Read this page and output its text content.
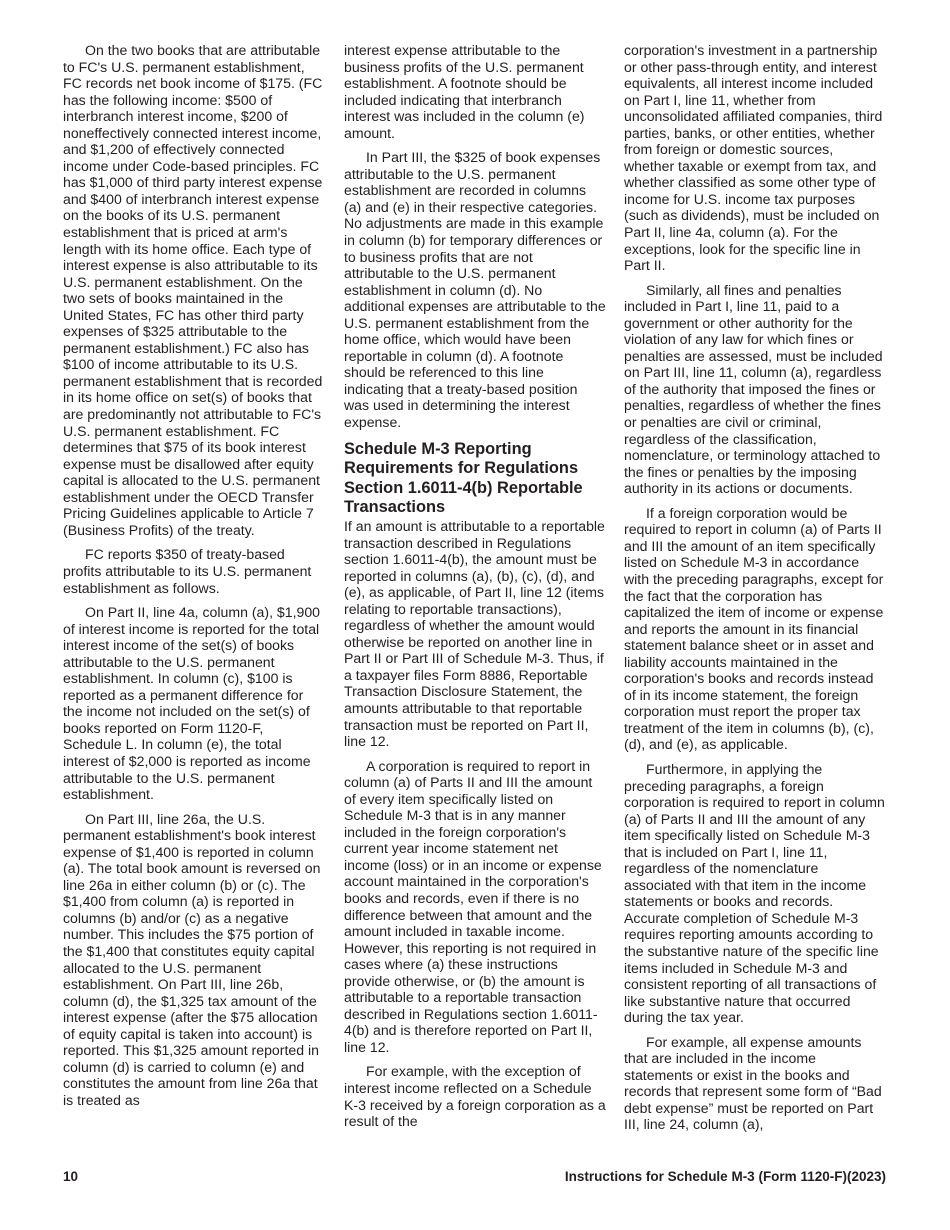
On the two books that are attributable to FC's U.S. permanent establishment, FC records net book income of $175. (FC has the following income: $500 of interbranch interest income, $200 of noneffectively connected interest income, and $1,200 of effectively connected income under Code-based principles. FC has $1,000 of third party interest expense and $400 of interbranch interest expense on the books of its U.S. permanent establishment that is priced at arm's length with its home office. Each type of interest expense is also attributable to its U.S. permanent establishment. On the two sets of books maintained in the United States, FC has other third party expenses of $325 attributable to the permanent establishment.) FC also has $100 of income attributable to its U.S. permanent establishment that is recorded in its home office on set(s) of books that are predominantly not attributable to FC's U.S. permanent establishment. FC determines that $75 of its book interest expense must be disallowed after equity capital is allocated to the U.S. permanent establishment under the OECD Transfer Pricing Guidelines applicable to Article 7 (Business Profits) of the treaty.

FC reports $350 of treaty-based profits attributable to its U.S. permanent establishment as follows.

On Part II, line 4a, column (a), $1,900 of interest income is reported for the total interest income of the set(s) of books attributable to the U.S. permanent establishment. In column (c), $100 is reported as a permanent difference for the income not included on the set(s) of books reported on Form 1120-F, Schedule L. In column (e), the total interest of $2,000 is reported as income attributable to the U.S. permanent establishment.

On Part III, line 26a, the U.S. permanent establishment's book interest expense of $1,400 is reported in column (a). The total book amount is reversed on line 26a in either column (b) or (c). The $1,400 from column (a) is reported in columns (b) and/or (c) as a negative number. This includes the $75 portion of the $1,400 that constitutes equity capital allocated to the U.S. permanent establishment. On Part III, line 26b, column (d), the $1,325 tax amount of the interest expense (after the $75 allocation of equity capital is taken into account) is reported. This $1,325 amount reported in column (d) is carried to column (e) and constitutes the amount from line 26a that is treated as

interest expense attributable to the business profits of the U.S. permanent establishment. A footnote should be included indicating that interbranch interest was included in the column (e) amount.

In Part III, the $325 of book expenses attributable to the U.S. permanent establishment are recorded in columns (a) and (e) in their respective categories. No adjustments are made in this example in column (b) for temporary differences or to business profits that are not attributable to the U.S. permanent establishment in column (d). No additional expenses are attributable to the U.S. permanent establishment from the home office, which would have been reportable in column (d). A footnote should be referenced to this line indicating that a treaty-based position was used in determining the interest expense.

Schedule M-3 Reporting Requirements for Regulations Section 1.6011-4(b) Reportable Transactions

If an amount is attributable to a reportable transaction described in Regulations section 1.6011-4(b), the amount must be reported in columns (a), (b), (c), (d), and (e), as applicable, of Part II, line 12 (items relating to reportable transactions), regardless of whether the amount would otherwise be reported on another line in Part II or Part III of Schedule M-3. Thus, if a taxpayer files Form 8886, Reportable Transaction Disclosure Statement, the amounts attributable to that reportable transaction must be reported on Part II, line 12.

A corporation is required to report in column (a) of Parts II and III the amount of every item specifically listed on Schedule M-3 that is in any manner included in the foreign corporation's current year income statement net income (loss) or in an income or expense account maintained in the corporation's books and records, even if there is no difference between that amount and the amount included in taxable income. However, this reporting is not required in cases where (a) these instructions provide otherwise, or (b) the amount is attributable to a reportable transaction described in Regulations section 1.6011-4(b) and is therefore reported on Part II, line 12.

For example, with the exception of interest income reflected on a Schedule K-3 received by a foreign corporation as a result of the

corporation's investment in a partnership or other pass-through entity, and interest equivalents, all interest income included on Part I, line 11, whether from unconsolidated affiliated companies, third parties, banks, or other entities, whether from foreign or domestic sources, whether taxable or exempt from tax, and whether classified as some other type of income for U.S. income tax purposes (such as dividends), must be included on Part II, line 4a, column (a). For the exceptions, look for the specific line in Part II.

Similarly, all fines and penalties included in Part I, line 11, paid to a government or other authority for the violation of any law for which fines or penalties are assessed, must be included on Part III, line 11, column (a), regardless of the authority that imposed the fines or penalties, regardless of whether the fines or penalties are civil or criminal, regardless of the classification, nomenclature, or terminology attached to the fines or penalties by the imposing authority in its actions or documents.

If a foreign corporation would be required to report in column (a) of Parts II and III the amount of an item specifically listed on Schedule M-3 in accordance with the preceding paragraphs, except for the fact that the corporation has capitalized the item of income or expense and reports the amount in its financial statement balance sheet or in asset and liability accounts maintained in the corporation's books and records instead of in its income statement, the foreign corporation must report the proper tax treatment of the item in columns (b), (c), (d), and (e), as applicable.

Furthermore, in applying the preceding paragraphs, a foreign corporation is required to report in column (a) of Parts II and III the amount of any item specifically listed on Schedule M-3 that is included on Part I, line 11, regardless of the nomenclature associated with that item in the income statements or books and records. Accurate completion of Schedule M-3 requires reporting amounts according to the substantive nature of the specific line items included in Schedule M-3 and consistent reporting of all transactions of like substantive nature that occurred during the tax year.

For example, all expense amounts that are included in the income statements or exist in the books and records that represent some form of “Bad debt expense” must be reported on Part III, line 24, column (a),

10	Instructions for Schedule M-3 (Form 1120-F)(2023)
